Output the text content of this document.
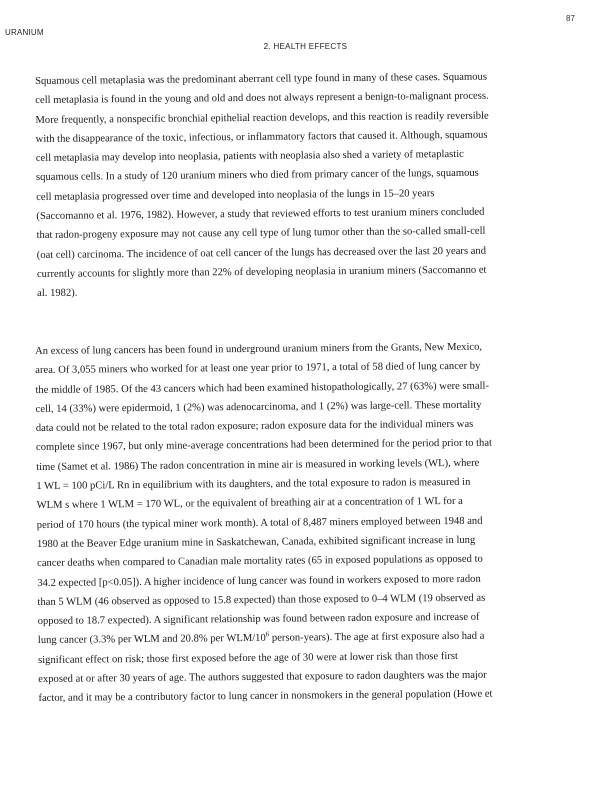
87
URANIUM
2. HEALTH EFFECTS
Squamous cell metaplasia was the predominant aberrant cell type found in many of these cases. Squamous
cell metaplasia is found in the young and old and does not always represent a benign-to-malignant process.
More frequently, a nonspecific bronchial epithelial reaction develops, and this reaction is readily reversible
with the disappearance of the toxic, infectious, or inflammatory factors that caused it. Although, squamous
cell metaplasia may develop into neoplasia, patients with neoplasia also shed a variety of metaplastic
squamous cells. In a study of 120 uranium miners who died from primary cancer of the lungs, squamous
cell metaplasia progressed over time and developed into neoplasia of the lungs in 15–20 years
(Saccomanno et al. 1976, 1982). However, a study that reviewed efforts to test uranium miners concluded
that radon-progeny exposure may not cause any cell type of lung tumor other than the so-called small-cell
(oat cell) carcinoma. The incidence of oat cell cancer of the lungs has decreased over the last 20 years and
currently accounts for slightly more than 22% of developing neoplasia in uranium miners (Saccomanno et
al. 1982).
An excess of lung cancers has been found in underground uranium miners from the Grants, New Mexico,
area. Of 3,055 miners who worked for at least one year prior to 1971, a total of 58 died of lung cancer by
the middle of 1985. Of the 43 cancers which had been examined histopathologically, 27 (63%) were small-
cell, 14 (33%) were epidermoid, 1 (2%) was adenocarcinoma, and 1 (2%) was large-cell. These mortality
data could not be related to the total radon exposure; radon exposure data for the individual miners was
complete since 1967, but only mine-average concentrations had been determined for the period prior to that
time (Samet et al. 1986) The radon concentration in mine air is measured in working levels (WL), where
1 WL = 100 pCi/L Rn in equilibrium with its daughters, and the total exposure to radon is measured in
WLM s where 1 WLM = 170 WL, or the equivalent of breathing air at a concentration of 1 WL for a
period of 170 hours (the typical miner work month). A total of 8,487 miners employed between 1948 and
1980 at the Beaver Edge uranium mine in Saskatchewan, Canada, exhibited significant increase in lung
cancer deaths when compared to Canadian male mortality rates (65 in exposed populations as opposed to
34.2 expected [p<0.05]). A higher incidence of lung cancer was found in workers exposed to more radon
than 5 WLM (46 observed as opposed to 15.8 expected) than those exposed to 0–4 WLM (19 observed as
opposed to 18.7 expected). A significant relationship was found between radon exposure and increase of
lung cancer (3.3% per WLM and 20.8% per WLM/$10^6$ person-years). The age at first exposure also had a
significant effect on risk; those first exposed before the age of 30 were at lower risk than those first
exposed at or after 30 years of age. The authors suggested that exposure to radon daughters was the major
factor, and it may be a contributory factor to lung cancer in nonsmokers in the general population (Howe et
